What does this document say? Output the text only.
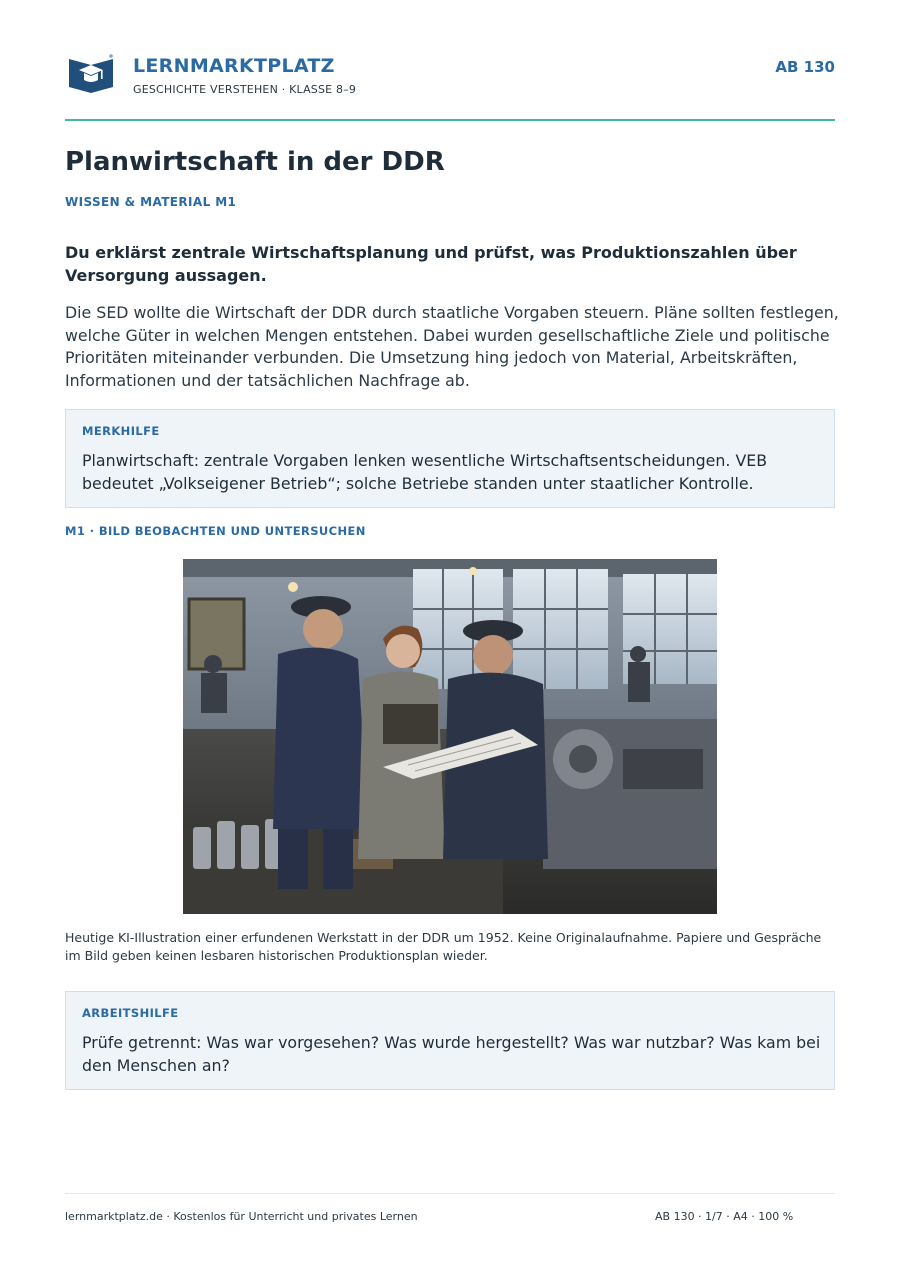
LERNMARKTPLATZ
GESCHICHTE VERSTEHEN · KLASSE 8–9
AB 130
Planwirtschaft in der DDR
WISSEN & MATERIAL M1

Du erklärst zentrale Wirtschaftsplanung und prüfst, was Produktionszahlen über Versorgung aussagen.

Die SED wollte die Wirtschaft der DDR durch staatliche Vorgaben steuern. Pläne sollten festlegen, welche Güter in welchen Mengen entstehen. Dabei wurden gesellschaftliche Ziele und politische Prioritäten miteinander verbunden. Die Umsetzung hing jedoch von Material, Arbeitskräften, Informationen und der tatsächlichen Nachfrage ab.

MERKHILFE

Planwirtschaft: zentrale Vorgaben lenken wesentliche Wirtschaftsentscheidungen. VEB bedeutet „Volkseigener Betrieb“; solche Betriebe standen unter staatlicher Kontrolle.

M1 · BILD BEOBACHTEN UND UNTERSUCHEN

Heutige KI-Illustration einer erfundenen Werkstatt in der DDR um 1952. Keine Originalaufnahme. Papiere und Gespräche im Bild geben keinen lesbaren historischen Produktionsplan wieder.

ARBEITSHILFE

Prüfe getrennt: Was war vorgesehen? Was wurde hergestellt? Was war nutzbar? Was kam bei den Menschen an?

lernmarktplatz.de · Kostenlos für Unterricht und privates Lernen	AB 130 · 1/7 · A4 · 100 %
